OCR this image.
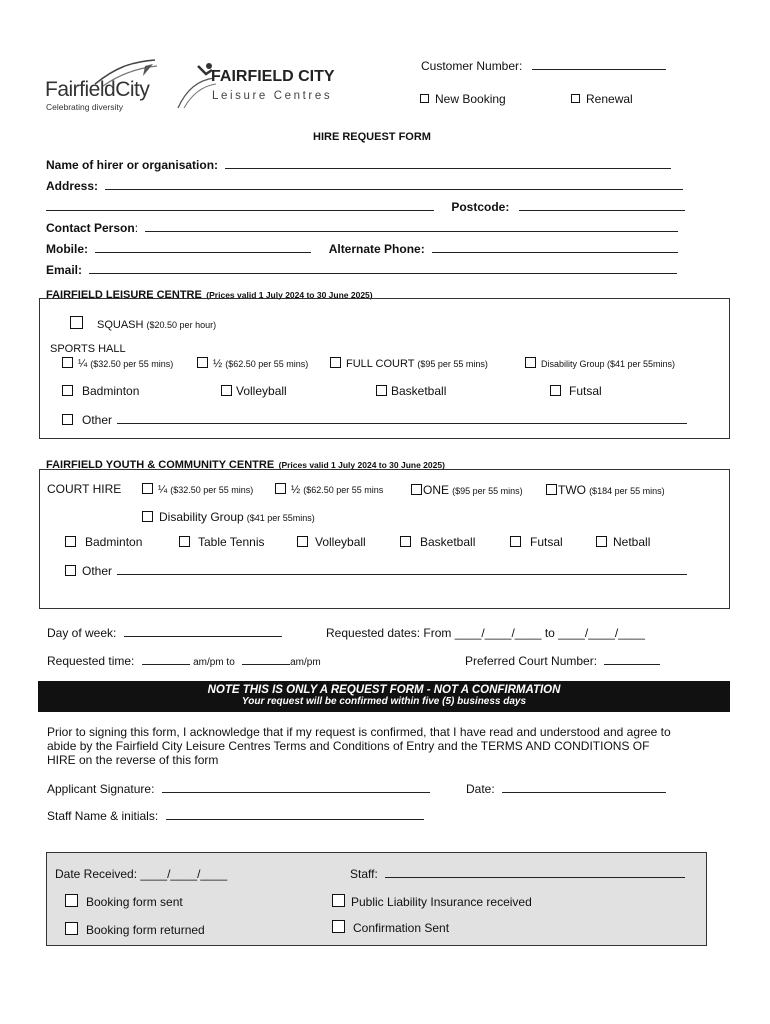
FairfieldCity
Celebrating diversity
FAIRFIELD CITY
Leisure Centres
Customer Number:
New Booking	Renewal
HIRE REQUEST FORM
Name of hirer or organisation:
Address:
Postcode:
Contact Person:
Mobile:	Alternate Phone:
Email:
FAIRFIELD LEISURE CENTRE (Prices valid 1 July 2024 to 30 June 2025)
SQUASH ($20.50 per hour)
SPORTS HALL
¼ ($32.50 per 55 mins)	½ ($62.50 per 55 mins)	FULL COURT ($95 per 55 mins)	Disability Group ($41 per 55mins)
Badminton	Volleyball	Basketball	Futsal
Other
FAIRFIELD YOUTH & COMMUNITY CENTRE (Prices valid 1 July 2024 to 30 June 2025)
COURT HIRE	¼ ($32.50 per 55 mins)	½ ($62.50 per 55 mins	ONE ($95 per 55 mins)	TWO ($184 per 55 mins)
Disability Group ($41 per 55mins)
Badminton	Table Tennis	Volleyball	Basketball	Futsal	Netball
Other
Day of week:	Requested dates: From ____/____/____ to ____/____/____
Requested time:	am/pm to	am/pm	Preferred Court Number:
NOTE THIS IS ONLY A REQUEST FORM - NOT A CONFIRMATION
Your request will be confirmed within five (5) business days
Prior to signing this form, I acknowledge that if my request is confirmed, that I have read and understood and agree to
abide by the Fairfield City Leisure Centres Terms and Conditions of Entry and the TERMS AND CONDITIONS OF
HIRE on the reverse of this form
Applicant Signature:	Date:
Staff Name & initials:
Date Received: ____/____/____	Staff:
Booking form sent	Public Liability Insurance received
Booking form returned	Confirmation Sent
